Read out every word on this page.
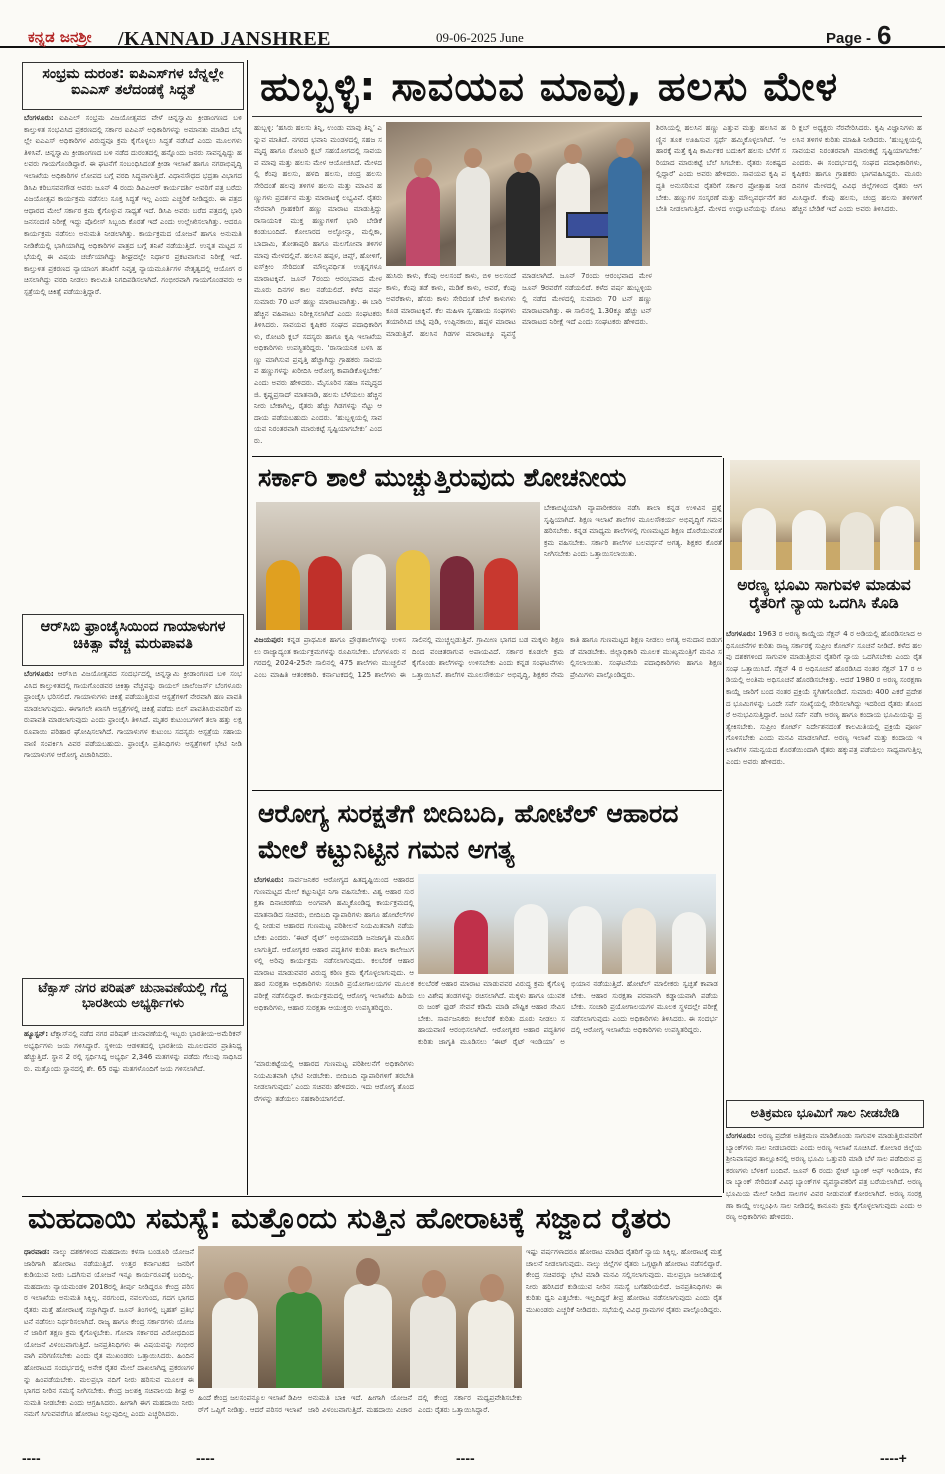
ಕನ್ನಡ ಜನಶ್ರೀ /KANNAD JANSHREE	09-06-2025 June	Page - 6

ಸಂಭ್ರಮ ದುರಂತ: ಐಪಿಎಸ್‌ಗಳ ಬೆನ್ನಲ್ಲೇ ಐಎಎಸ್ ತಲೆದಂಡಕ್ಕೆ ಸಿದ್ಧತೆ

ಬೆಂಗಳೂರು: ಐಪಿಎಲ್ ಸಂಭ್ರಮ ವಿಜಯೋತ್ಸವದ ವೇಳೆ ಚಿನ್ನಸ್ವಾಮಿ ಕ್ರೀಡಾಂಗಣದ ಬಳಿ ಕಾಲ್ತುಳಿತ ಸಂಭವಿಸಿದ ಪ್ರಕರಣದಲ್ಲಿ ಸರ್ಕಾರ ಐಪಿಎಸ್ ಅಧಿಕಾರಿಗಳನ್ನು ಅಮಾನತು ಮಾಡಿದ ಬೆನ್ನಲ್ಲೇ ಐಎಎಸ್ ಅಧಿಕಾರಿಗಳ ವಿರುದ್ಧವೂ ಕ್ರಮ ಕೈಗೊಳ್ಳಲು ಸಿದ್ಧತೆ ನಡೆಸಿದೆ ಎಂದು ಮೂಲಗಳು ತಿಳಿಸಿವೆ. ಚಿನ್ನಸ್ವಾಮಿ ಕ್ರೀಡಾಂಗಣದ ಬಳಿ ನಡೆದ ದುರಂತದಲ್ಲಿ ಹನ್ನೊಂದು ಜನರು ಸಾವನ್ನಪ್ಪಿದ್ದು ಹಲವರು ಗಾಯಗೊಂಡಿದ್ದಾರೆ. ಈ ಘಟನೆಗೆ ಸಂಬಂಧಿಸಿದಂತೆ ಕ್ರೀಡಾ ಇಲಾಖೆ ಹಾಗೂ ನಗರಾಭಿವೃದ್ಧಿ ಇಲಾಖೆಯ ಅಧಿಕಾರಿಗಳ ಲೋಪದ ಬಗ್ಗೆ ವರದಿ ಸಿದ್ಧವಾಗುತ್ತಿದೆ. ವಿಧಾನಸೌಧದ ಭದ್ರತಾ ವಿಭಾಗದ ಡಿಸಿಪಿ ಕರಿಬಸವನಗೌಡ ಅವರು ಜೂನ್ 4 ರಂದು ಡಿಪಿಎಆರ್ ಕಾರ್ಯದರ್ಶಿ ಅವರಿಗೆ ಪತ್ರ ಬರೆದು ವಿಜಯೋತ್ಸವ ಕಾರ್ಯಕ್ರಮ ನಡೆಸಲು ಸೂಕ್ತ ಸಿದ್ಧತೆ ಇಲ್ಲ ಎಂದು ಎಚ್ಚರಿಕೆ ನೀಡಿದ್ದರು. ಈ ಪತ್ರದ ಆಧಾರದ ಮೇಲೆ ಸರ್ಕಾರ ಕ್ರಮ ಕೈಗೊಳ್ಳುವ ಸಾಧ್ಯತೆ ಇದೆ. ಡಿಸಿಪಿ ಅವರು ಬರೆದ ಪತ್ರದಲ್ಲಿ ಭಾರಿ ಜನಸಂದಣಿ ನಿರೀಕ್ಷೆ ಇದ್ದು ಪೊಲೀಸ್ ಸಿಬ್ಬಂದಿ ಕೊರತೆ ಇದೆ ಎಂದು ಉಲ್ಲೇಖಿಸಲಾಗಿತ್ತು. ಆದರೂ ಕಾರ್ಯಕ್ರಮ ನಡೆಸಲು ಅನುಮತಿ ನೀಡಲಾಗಿತ್ತು. ಕಾರ್ಯಕ್ರಮದ ಯೋಜನೆ ಹಾಗೂ ಅನುಮತಿ ನೀಡಿಕೆಯಲ್ಲಿ ಭಾಗಿಯಾಗಿದ್ದ ಅಧಿಕಾರಿಗಳ ಪಾತ್ರದ ಬಗ್ಗೆ ತನಿಖೆ ನಡೆಯುತ್ತಿದೆ. ಉನ್ನತ ಮಟ್ಟದ ಸಭೆಯಲ್ಲಿ ಈ ವಿಷಯ ಚರ್ಚೆಯಾಗಿದ್ದು ಶೀಘ್ರದಲ್ಲೇ ನಿರ್ಧಾರ ಪ್ರಕಟವಾಗುವ ನಿರೀಕ್ಷೆ ಇದೆ. ಕಾಲ್ತುಳಿತ ಪ್ರಕರಣದ ನ್ಯಾಯಾಂಗ ತನಿಖೆಗೆ ನಿವೃತ್ತ ನ್ಯಾಯಮೂರ್ತಿಗಳ ನೇತೃತ್ವದಲ್ಲಿ ಆಯೋಗ ರಚಿಸಲಾಗಿದ್ದು ವರದಿ ನೀಡಲು ಕಾಲಮಿತಿ ನಿಗದಿಪಡಿಸಲಾಗಿದೆ. ಗಂಭೀರವಾಗಿ ಗಾಯಗೊಂಡವರು ಆಸ್ಪತ್ರೆಯಲ್ಲಿ ಚಿಕಿತ್ಸೆ ಪಡೆಯುತ್ತಿದ್ದಾರೆ.

ಆರ್‌ಸಿಬಿ ಫ್ರಾಂಚೈಸಿಯಿಂದ ಗಾಯಾಳುಗಳ ಚಿಕಿತ್ಸಾ ವೆಚ್ಚ ಮರುಪಾವತಿ

ಬೆಂಗಳೂರು: ಆರ್‌ಸಿಬಿ ವಿಜಯೋತ್ಸವದ ಸಂದರ್ಭದಲ್ಲಿ ಚಿನ್ನಸ್ವಾಮಿ ಕ್ರೀಡಾಂಗಣದ ಬಳಿ ಸಂಭವಿಸಿದ ಕಾಲ್ತುಳಿತದಲ್ಲಿ ಗಾಯಗೊಂಡವರ ಚಿಕಿತ್ಸಾ ವೆಚ್ಚವನ್ನು ರಾಯಲ್ ಚಾಲೆಂಜರ್ಸ್ ಬೆಂಗಳೂರು ಫ್ರಾಂಚೈಸಿ ಭರಿಸಲಿದೆ. ಗಾಯಾಳುಗಳು ಚಿಕಿತ್ಸೆ ಪಡೆಯುತ್ತಿರುವ ಆಸ್ಪತ್ರೆಗಳಿಗೆ ನೇರವಾಗಿ ಹಣ ಪಾವತಿ ಮಾಡಲಾಗುವುದು. ಈಗಾಗಲೇ ಖಾಸಗಿ ಆಸ್ಪತ್ರೆಗಳಲ್ಲಿ ಚಿಕಿತ್ಸೆ ಪಡೆದು ಬಿಲ್ ಪಾವತಿಸಿರುವವರಿಗೆ ಮರುಪಾವತಿ ಮಾಡಲಾಗುವುದು ಎಂದು ಫ್ರಾಂಚೈಸಿ ತಿಳಿಸಿದೆ. ಮೃತರ ಕುಟುಂಬಗಳಿಗೆ ತಲಾ ಹತ್ತು ಲಕ್ಷ ರೂಪಾಯಿ ಪರಿಹಾರ ಘೋಷಿಸಲಾಗಿದೆ. ಗಾಯಾಳುಗಳ ಕುಟುಂಬ ಸದಸ್ಯರು ಆಸ್ಪತ್ರೆಯ ಸಹಾಯವಾಣಿ ಸಂಪರ್ಕಿಸಿ ವಿವರ ಪಡೆಯಬಹುದು. ಫ್ರಾಂಚೈಸಿ ಪ್ರತಿನಿಧಿಗಳು ಆಸ್ಪತ್ರೆಗಳಿಗೆ ಭೇಟಿ ನೀಡಿ ಗಾಯಾಳುಗಳ ಆರೋಗ್ಯ ವಿಚಾರಿಸಿದರು.

ಟೆಕ್ಸಾಸ್ ನಗರ ಪರಿಷತ್ ಚುನಾವಣೆಯಲ್ಲಿ ಗೆದ್ದ ಭಾರತೀಯ ಅಭ್ಯರ್ಥಿಗಳು

ಹ್ಯೂಸ್ಟನ್: ಟೆಕ್ಸಾಸ್‌ನಲ್ಲಿ ನಡೆದ ನಗರ ಪರಿಷತ್ ಚುನಾವಣೆಯಲ್ಲಿ ಇಬ್ಬರು ಭಾರತೀಯ-ಅಮೆರಿಕನ್ ಅಭ್ಯರ್ಥಿಗಳು ಜಯ ಗಳಿಸಿದ್ದಾರೆ. ಸ್ಥಳೀಯ ಆಡಳಿತದಲ್ಲಿ ಭಾರತೀಯ ಮೂಲದವರ ಪ್ರಾತಿನಿಧ್ಯ ಹೆಚ್ಚುತ್ತಿದೆ. ಸ್ಥಾನ 2 ರಲ್ಲಿ ಸ್ಪರ್ಧಿಸಿದ್ದ ಅಭ್ಯರ್ಥಿ 2,346 ಮತಗಳನ್ನು ಪಡೆದು ಗೆಲುವು ಸಾಧಿಸಿದರು. ಮತ್ತೊಂದು ಸ್ಥಾನದಲ್ಲಿ ಶೇ. 65 ರಷ್ಟು ಮತಗಳೊಂದಿಗೆ ಜಯ ಗಳಿಸಲಾಗಿದೆ.

ಹುಬ್ಬಳ್ಳಿ: ಸಾವಯವ ಮಾವು, ಹಲಸು ಮೇಳ

ಹುಬ್ಬಳ್ಳಿ: ‘ಹಸಿರು ಹಲಸು ತಿನ್ನಿ, ಉಂಡು ಮಾವು ತಿನ್ನಿ’ ಎನ್ನುವ ಮಾತಿದೆ. ನಗರದ ಭವಾನಿ ಮಂಡಳದಲ್ಲಿ ಸಹಜ ಸಮೃದ್ಧ ಹಾಗೂ ರೋಟರಿ ಕ್ಲಬ್ ಸಹಯೋಗದಲ್ಲಿ ಸಾವಯವ ಮಾವು ಮತ್ತು ಹಲಸು ಮೇಳ ಆಯೋಜಿಸಿದೆ. ಮೇಳದಲ್ಲಿ ಕೆಂಪು ಹಲಸು, ಹಳದಿ ಹಲಸು, ಚಂದ್ರ ಹಲಸು ಸೇರಿದಂತೆ ಹಲವು ತಳಿಗಳ ಹಲಸು ಮತ್ತು ಮಾವಿನ ಹಣ್ಣುಗಳು ಪ್ರದರ್ಶನ ಮತ್ತು ಮಾರಾಟಕ್ಕೆ ಲಭ್ಯವಿವೆ. ರೈತರು ನೇರವಾಗಿ ಗ್ರಾಹಕರಿಗೆ ಹಣ್ಣು ಮಾರಾಟ ಮಾಡುತ್ತಿದ್ದು ರಾಸಾಯನಿಕ ಮುಕ್ತ ಹಣ್ಣುಗಳಿಗೆ ಭಾರಿ ಬೇಡಿಕೆ ಕಂಡುಬಂದಿದೆ. ಕೋಲಾರದ ಅಲ್ಫೋನ್ಸಾ, ಮಲ್ಲಿಕಾ, ಬಾದಾಮಿ, ತೋತಾಪುರಿ ಹಾಗೂ ಮಲಗೋವಾ ತಳಿಗಳ ಮಾವು ಮೇಳದಲ್ಲಿವೆ. ಹಲಸಿನ ಹಪ್ಪಳ, ಚಿಪ್ಸ್, ಹೋಳಿಗೆ, ಐಸ್‌ಕ್ರೀಂ ಸೇರಿದಂತೆ ಮೌಲ್ಯವರ್ಧಿತ ಉತ್ಪನ್ನಗಳೂ ಮಾರಾಟಕ್ಕಿವೆ. ಜೂನ್ 7ರಂದು ಆರಂಭವಾದ ಮೇಳ ಮೂರು ದಿನಗಳ ಕಾಲ ನಡೆಯಲಿದೆ. ಕಳೆದ ವರ್ಷ ಸುಮಾರು 70 ಟನ್ ಹಣ್ಣು ಮಾರಾಟವಾಗಿತ್ತು. ಈ ಬಾರಿ ಹೆಚ್ಚಿನ ವಹಿವಾಟು ನಿರೀಕ್ಷಿಸಲಾಗಿದೆ ಎಂದು ಸಂಘಟಕರು ತಿಳಿಸಿದರು. ಸಾವಯವ ಕೃಷಿಕರ ಸಂಘದ ಪದಾಧಿಕಾರಿಗಳು, ರೋಟರಿ ಕ್ಲಬ್ ಸದಸ್ಯರು ಹಾಗೂ ಕೃಷಿ ಇಲಾಖೆಯ ಅಧಿಕಾರಿಗಳು ಉಪಸ್ಥಿತರಿದ್ದರು. ‘ರಾಸಾಯನಿಕ ಬಳಸಿ ಹಣ್ಣು ಮಾಗಿಸುವ ಪ್ರವೃತ್ತಿ ಹೆಚ್ಚಾಗಿದ್ದು ಗ್ರಾಹಕರು ಸಾವಯವ ಹಣ್ಣುಗಳನ್ನು ಖರೀದಿಸಿ ಆರೋಗ್ಯ ಕಾಪಾಡಿಕೊಳ್ಳಬೇಕು’ ಎಂದು ಅವರು ಹೇಳಿದರು. ಮೈಸೂರಿನ ಸಹಜ ಸಮೃದ್ಧದ ಜಿ. ಕೃಷ್ಣಪ್ರಸಾದ್ ಮಾತನಾಡಿ, ಹಲಸು ಬೆಳೆಯಲು ಹೆಚ್ಚಿನ ನೀರು ಬೇಕಾಗಿಲ್ಲ, ರೈತರು ಹೆಚ್ಚು ಗಿಡಗಳನ್ನು ನೆಟ್ಟು ಆದಾಯ ಪಡೆಯಬಹುದು ಎಂದರು. ‘ಹುಬ್ಬಳ್ಳಿಯಲ್ಲಿ ಸಾವಯವ ನಿರಂತರವಾಗಿ ಮಾರುಕಟ್ಟೆ ಸೃಷ್ಟಿಯಾಗಬೇಕು’ ಎಂದರು.

ಶಿರಸಿಯಲ್ಲಿ ಹಲಸಿನ ಹಣ್ಣು ಎತ್ತುವ ಮತ್ತು ಹಲಸಿನ ಹಣ್ಣಿನ ತೂಕ ಊಹಿಸುವ ಸ್ಪರ್ಧೆ ಹಮ್ಮಿಕೊಳ್ಳಲಾಗಿದೆ. ‘ಆಹಾರಕ್ಕೆ ಮತ್ತೆ ಕೃಷಿ ಕಾರ್ಮಿಕರ ಬದುಕಿಗೆ ಹಲಸು ಬೆಳೆಗೆ ಸರಿಯಾದ ಮಾರುಕಟ್ಟೆ ಬೆಲೆ ಸಿಗಬೇಕು. ರೈತರು ಸಂಕಷ್ಟದಲ್ಲಿದ್ದಾರೆ’ ಎಂದು ಅವರು ಹೇಳಿದರು. ಸಾವಯವ ಕೃಷಿ ಪದ್ಧತಿ ಅನುಸರಿಸುವ ರೈತರಿಗೆ ಸರ್ಕಾರ ಪ್ರೋತ್ಸಾಹ ನೀಡಬೇಕು. ಹಣ್ಣುಗಳ ಸಂಸ್ಕರಣೆ ಮತ್ತು ಮೌಲ್ಯವರ್ಧನೆಗೆ ತರಬೇತಿ ನೀಡಲಾಗುತ್ತಿದೆ. ಮೇಳದ ಉದ್ಘಾಟನೆಯನ್ನು ರೋಟರಿ ಕ್ಲಬ್ ಅಧ್ಯಕ್ಷರು ನೆರವೇರಿಸಿದರು. ಕೃಷಿ ವಿಜ್ಞಾನಿಗಳು ಹಲಸಿನ ತಳಿಗಳ ಕುರಿತು ಮಾಹಿತಿ ನೀಡಿದರು. ‘ಹುಬ್ಬಳ್ಳಿಯಲ್ಲಿ ಸಾವಯವ ನಿರಂತರವಾಗಿ ಮಾರುಕಟ್ಟೆ ಸೃಷ್ಟಿಯಾಗಬೇಕು’ ಎಂದರು. ಈ ಸಂದರ್ಭದಲ್ಲಿ ಸಂಘದ ಪದಾಧಿಕಾರಿಗಳು, ಕೃಷಿಕರು ಹಾಗೂ ಗ್ರಾಹಕರು ಭಾಗವಹಿಸಿದ್ದರು. ಮೂರು ದಿನಗಳ ಮೇಳದಲ್ಲಿ ವಿವಿಧ ಜಿಲ್ಲೆಗಳಿಂದ ರೈತರು ಆಗಮಿಸಿದ್ದಾರೆ. ಕೆಂಪು ಹಲಸು, ಚಂದ್ರ ಹಲಸು ತಳಿಗಳಿಗೆ ಹೆಚ್ಚಿನ ಬೇಡಿಕೆ ಇದೆ ಎಂದು ಅವರು ತಿಳಿಸಿದರು.

ಹುಸಿರು ಕಾಳು, ಕೆಂಪು ಅಲಸಂದೆ ಕಾಳು, ಬಿಳಿ ಅಲಸಂದೆ ಕಾಳು, ಕೆಂಪು ತಡೆ ಕಾಳು, ಮಡಿಕೆ ಕಾಳು, ಅವರೆ, ಕೆಂಪು ಅವರೆಕಾಳು, ಹೆಸರು ಕಾಳು ಸೇರಿದಂತೆ ಬೇಳೆ ಕಾಳುಗಳು ಕೂಡ ಮಾರಾಟಕ್ಕಿವೆ. ಕೆಲ ಮಹಿಳಾ ಸ್ವಸಹಾಯ ಸಂಘಗಳು ತಯಾರಿಸಿದ ಚಟ್ನಿ ಪುಡಿ, ಉಪ್ಪಿನಕಾಯಿ, ಹಪ್ಪಳ ಮಾರಾಟ ಮಾಡುತ್ತಿವೆ. ಹಲಸಿನ ಗಿಡಗಳ ಮಾರಾಟಕ್ಕೂ ವ್ಯವಸ್ಥೆ ಮಾಡಲಾಗಿದೆ. ಜೂನ್ 7ರಂದು ಆರಂಭವಾದ ಮೇಳ ಜೂನ್ 9ರವರೆಗೆ ನಡೆಯಲಿದೆ. ಕಳೆದ ವರ್ಷ ಹುಬ್ಬಳ್ಳಿಯಲ್ಲಿ ನಡೆದ ಮೇಳದಲ್ಲಿ ಸುಮಾರು 70 ಟನ್ ಹಣ್ಣು ಮಾರಾಟವಾಗಿತ್ತು. ಈ ಸಾಲಿನಲ್ಲಿ 1.30ಕ್ಕೂ ಹೆಚ್ಚು ಟನ್ ಮಾರಾಟದ ನಿರೀಕ್ಷೆ ಇದೆ ಎಂದು ಸಂಘಟಕರು ಹೇಳಿದರು.

ಸರ್ಕಾರಿ ಶಾಲೆ ಮುಚ್ಚುತ್ತಿರುವುದು ಶೋಚನೀಯ

ಬೇಕಾಬಿಟ್ಟಿಯಾಗಿ ವ್ಯಾಪಾರೀಕರಣ ನಡೆಸಿ ಶಾಲಾ ಕನ್ನಡ ಉಳಿವಿನ ಪ್ರಶ್ನೆ ಸೃಷ್ಟಿಯಾಗಿದೆ. ಶಿಕ್ಷಣ ಇಲಾಖೆ ಶಾಲೆಗಳ ಮೂಲಸೌಕರ್ಯ ಅಭಿವೃದ್ಧಿಗೆ ಗಮನ ಹರಿಸಬೇಕು. ಕನ್ನಡ ಮಾಧ್ಯಮ ಶಾಲೆಗಳಲ್ಲಿ ಗುಣಮಟ್ಟದ ಶಿಕ್ಷಣ ದೊರೆಯುವಂತೆ ಕ್ರಮ ವಹಿಸಬೇಕು. ಸರ್ಕಾರಿ ಶಾಲೆಗಳ ಬಲವರ್ಧನೆ ಅಗತ್ಯ. ಶಿಕ್ಷಕರ ಕೊರತೆ ನೀಗಿಸಬೇಕು ಎಂದು ಒತ್ತಾಯಿಸಲಾಯಿತು.

ವಿಜಯಪುರ: ಕನ್ನಡ ಪ್ರಾಥಮಿಕ ಹಾಗೂ ಪ್ರೌಢಶಾಲೆಗಳನ್ನು ಉಳಿಸಲು ರಾಜ್ಯಾದ್ಯಂತ ಕಾರ್ಯಕ್ರಮಗಳನ್ನು ರೂಪಿಸಬೇಕು. ಬೆಂಗಳೂರು ನಗರದಲ್ಲಿ 2024-25ನೇ ಸಾಲಿನಲ್ಲಿ 475 ಶಾಲೆಗಳು ಮುಚ್ಚಲಿವೆ ಎಂಬ ಮಾಹಿತಿ ಆತಂಕಕಾರಿ. ಕರ್ನಾಟಕದಲ್ಲಿ 125 ಶಾಲೆಗಳು ಈ ಸಾಲಿನಲ್ಲಿ ಮುಚ್ಚಲ್ಪಡುತ್ತಿವೆ. ಗ್ರಾಮೀಣ ಭಾಗದ ಬಡ ಮಕ್ಕಳು ಶಿಕ್ಷಣದಿಂದ ವಂಚಿತರಾಗುವ ಅಪಾಯವಿದೆ. ಸರ್ಕಾರ ಕೂಡಲೇ ಕ್ರಮ ಕೈಗೊಂಡು ಶಾಲೆಗಳನ್ನು ಉಳಿಸಬೇಕು ಎಂದು ಕನ್ನಡ ಸಂಘಟನೆಗಳು ಒತ್ತಾಯಿಸಿವೆ. ಶಾಲೆಗಳ ಮೂಲಸೌಕರ್ಯ ಅಭಿವೃದ್ಧಿ, ಶಿಕ್ಷಕರ ನೇಮಕಾತಿ ಹಾಗೂ ಗುಣಮಟ್ಟದ ಶಿಕ್ಷಣ ನೀಡಲು ಅಗತ್ಯ ಅನುದಾನ ಬಿಡುಗಡೆ ಮಾಡಬೇಕು. ಜಿಲ್ಲಾಧಿಕಾರಿ ಮೂಲಕ ಮುಖ್ಯಮಂತ್ರಿಗೆ ಮನವಿ ಸಲ್ಲಿಸಲಾಯಿತು. ಸಂಘಟನೆಯ ಪದಾಧಿಕಾರಿಗಳು ಹಾಗೂ ಶಿಕ್ಷಣ ಪ್ರೇಮಿಗಳು ಪಾಲ್ಗೊಂಡಿದ್ದರು.

ಅರಣ್ಯ ಭೂಮಿ ಸಾಗುವಳಿ ಮಾಡುವ ರೈತರಿಗೆ ನ್ಯಾಯ ಒದಗಿಸಿ ಕೊಡಿ

ಬೆಂಗಳೂರು: 1963 ರ ಅರಣ್ಯ ಕಾಯ್ದೆಯ ಸೆಕ್ಷನ್ 4 ರ ಅಡಿಯಲ್ಲಿ ಹೊರಡಿಸಲಾದ ಅಧಿಸೂಚನೆಗಳ ಕುರಿತು ರಾಜ್ಯ ಸರ್ಕಾರಕ್ಕೆ ಸುಪ್ರೀಂ ಕೋರ್ಟ್ ಸೂಚನೆ ನೀಡಿದೆ. ಕಳೆದ ಹಲವು ದಶಕಗಳಿಂದ ಸಾಗುವಳಿ ಮಾಡುತ್ತಿರುವ ರೈತರಿಗೆ ನ್ಯಾಯ ಒದಗಿಸಬೇಕು ಎಂದು ರೈತ ಸಂಘ ಒತ್ತಾಯಿಸಿದೆ. ಸೆಕ್ಷನ್ 4 ರ ಅಧಿಸೂಚನೆ ಹೊರಡಿಸಿದ ನಂತರ ಸೆಕ್ಷನ್ 17 ರ ಅಡಿಯಲ್ಲಿ ಅಂತಿಮ ಅಧಿಸೂಚನೆ ಹೊರಡಿಸಬೇಕಿತ್ತು. ಆದರೆ 1980 ರ ಅರಣ್ಯ ಸಂರಕ್ಷಣಾ ಕಾಯ್ದೆ ಜಾರಿಗೆ ಬಂದ ನಂತರ ಪ್ರಕ್ರಿಯೆ ಸ್ಥಗಿತಗೊಂಡಿದೆ. ಸುಮಾರು 400 ಎಕರೆ ಪ್ರದೇಶದ ಭೂಮಿಗಳನ್ನು ಒಂದೇ ಸರ್ವೆ ಸಂಖ್ಯೆಯಲ್ಲಿ ಸೇರಿಸಲಾಗಿದ್ದು ಇದರಿಂದ ರೈತರು ತೊಂದರೆ ಅನುಭವಿಸುತ್ತಿದ್ದಾರೆ. ಜಂಟಿ ಸರ್ವೆ ನಡೆಸಿ ಅರಣ್ಯ ಹಾಗೂ ಕಂದಾಯ ಭೂಮಿಯನ್ನು ಪ್ರತ್ಯೇಕಿಸಬೇಕು. ಸುಪ್ರೀಂ ಕೋರ್ಟ್ ನಿರ್ದೇಶನದಂತೆ ಕಾಲಮಿತಿಯಲ್ಲಿ ಪ್ರಕ್ರಿಯೆ ಪೂರ್ಣಗೊಳಿಸಬೇಕು ಎಂದು ಮನವಿ ಮಾಡಲಾಗಿದೆ. ಅರಣ್ಯ ಇಲಾಖೆ ಮತ್ತು ಕಂದಾಯ ಇಲಾಖೆಗಳ ಸಮನ್ವಯದ ಕೊರತೆಯಿಂದಾಗಿ ರೈತರು ಹಕ್ಕುಪತ್ರ ಪಡೆಯಲು ಸಾಧ್ಯವಾಗುತ್ತಿಲ್ಲ ಎಂದು ಅವರು ಹೇಳಿದರು.

ಆರೋಗ್ಯ ಸುರಕ್ಷತೆಗೆ ಬೀದಿಬದಿ, ಹೋಟೆಲ್ ಆಹಾರದ ಮೇಲೆ ಕಟ್ಟುನಿಟ್ಟಿನ ಗಮನ ಅಗತ್ಯ

ಬೆಂಗಳೂರು: ಸಾರ್ವಜನಿಕರ ಆರೋಗ್ಯದ ಹಿತದೃಷ್ಟಿಯಿಂದ ಆಹಾರದ ಗುಣಮಟ್ಟದ ಮೇಲೆ ಕಟ್ಟುನಿಟ್ಟಿನ ನಿಗಾ ವಹಿಸಬೇಕು. ವಿಶ್ವ ಆಹಾರ ಸುರಕ್ಷತಾ ದಿನಾಚರಣೆಯ ಅಂಗವಾಗಿ ಹಮ್ಮಿಕೊಂಡಿದ್ದ ಕಾರ್ಯಕ್ರಮದಲ್ಲಿ ಮಾತನಾಡಿದ ಸಚಿವರು, ಬೀದಿಬದಿ ವ್ಯಾಪಾರಿಗಳು ಹಾಗೂ ಹೋಟೆಲ್‌ಗಳಲ್ಲಿ ನೀಡುವ ಆಹಾರದ ಗುಣಮಟ್ಟ ಪರಿಶೀಲನೆ ನಿಯಮಿತವಾಗಿ ನಡೆಯಬೇಕು ಎಂದರು. ‘ಈಟ್ ರೈಟ್’ ಅಭಿಯಾನದಡಿ ಜನಜಾಗೃತಿ ಮೂಡಿಸಲಾಗುತ್ತಿದೆ. ಆರೋಗ್ಯಕರ ಆಹಾರ ಪದ್ಧತಿಗಳ ಕುರಿತು ಶಾಲಾ ಕಾಲೇಜುಗಳಲ್ಲಿ ಅರಿವು ಕಾರ್ಯಕ್ರಮ ನಡೆಸಲಾಗುವುದು. ಕಲಬೆರಕೆ ಆಹಾರ ಮಾರಾಟ ಮಾಡುವವರ ವಿರುದ್ಧ ಕಠಿಣ ಕ್ರಮ ಕೈಗೊಳ್ಳಲಾಗುವುದು. ಆಹಾರ ಸುರಕ್ಷತಾ ಅಧಿಕಾರಿಗಳು ಸಂಚಾರಿ ಪ್ರಯೋಗಾಲಯಗಳ ಮೂಲಕ ಪರೀಕ್ಷೆ ನಡೆಸಲಿದ್ದಾರೆ. ಕಾರ್ಯಕ್ರಮದಲ್ಲಿ ಆರೋಗ್ಯ ಇಲಾಖೆಯ ಹಿರಿಯ ಅಧಿಕಾರಿಗಳು, ಆಹಾರ ಸುರಕ್ಷತಾ ಆಯುಕ್ತರು ಉಪಸ್ಥಿತರಿದ್ದರು.

ಕಲಬೆರಕೆ ಆಹಾರ ಮಾರಾಟ ಮಾಡುವವರ ವಿರುದ್ಧ ಕ್ರಮ ಕೈಗೊಳ್ಳಲು ವಿಶೇಷ ತಂಡಗಳನ್ನು ರಚಿಸಲಾಗಿದೆ. ಮಕ್ಕಳು ಹಾಗೂ ಯುವಕರು ಜಂಕ್ ಫುಡ್ ಸೇವನೆ ಕಡಿಮೆ ಮಾಡಿ ಪೌಷ್ಟಿಕ ಆಹಾರ ಸೇವಿಸಬೇಕು. ಸಾರ್ವಜನಿಕರು ಕಲಬೆರಕೆ ಕುರಿತು ದೂರು ನೀಡಲು ಸಹಾಯವಾಣಿ ಆರಂಭಿಸಲಾಗಿದೆ. ಆರೋಗ್ಯಕರ ಆಹಾರ ಪದ್ಧತಿಗಳ ಕುರಿತು ಜಾಗೃತಿ ಮೂಡಿಸಲು ‘ಈಟ್ ರೈಟ್ ಇಂಡಿಯಾ’ ಅಭಿಯಾನ ನಡೆಯುತ್ತಿದೆ. ಹೋಟೆಲ್ ಮಾಲೀಕರು ಸ್ವಚ್ಛತೆ ಕಾಪಾಡಬೇಕು. ಆಹಾರ ಸುರಕ್ಷತಾ ಪರವಾನಗಿ ಕಡ್ಡಾಯವಾಗಿ ಪಡೆಯಬೇಕು. ಸಂಚಾರಿ ಪ್ರಯೋಗಾಲಯಗಳ ಮೂಲಕ ಸ್ಥಳದಲ್ಲೇ ಪರೀಕ್ಷೆ ನಡೆಸಲಾಗುವುದು ಎಂದು ಅಧಿಕಾರಿಗಳು ತಿಳಿಸಿದರು. ಈ ಸಂದರ್ಭದಲ್ಲಿ ಆರೋಗ್ಯ ಇಲಾಖೆಯ ಅಧಿಕಾರಿಗಳು ಉಪಸ್ಥಿತರಿದ್ದರು.

‘ಮಾರುಕಟ್ಟೆಯಲ್ಲಿ ಆಹಾರದ ಗುಣಮಟ್ಟ ಪರಿಶೀಲನೆಗೆ ಅಧಿಕಾರಿಗಳು ನಿಯಮಿತವಾಗಿ ಭೇಟಿ ನೀಡಬೇಕು. ಬೀದಿಬದಿ ವ್ಯಾಪಾರಿಗಳಿಗೆ ತರಬೇತಿ ನೀಡಲಾಗುವುದು’ ಎಂದು ಸಚಿವರು ಹೇಳಿದರು. ಇದು ಆರೋಗ್ಯ ತೊಂದರೆಗಳನ್ನು ತಡೆಯಲು ಸಹಕಾರಿಯಾಗಲಿದೆ.

ಅತಿಕ್ರಮಣ ಭೂಮಿಗೆ ಸಾಲ ನೀಡಬೇಡಿ

ಬೆಂಗಳೂರು: ಅರಣ್ಯ ಪ್ರದೇಶ ಅತಿಕ್ರಮಣ ಮಾಡಿಕೊಂಡು ಸಾಗುವಳಿ ಮಾಡುತ್ತಿರುವವರಿಗೆ ಬ್ಯಾಂಕ್‌ಗಳು ಸಾಲ ನೀಡಬಾರದು ಎಂದು ಅರಣ್ಯ ಇಲಾಖೆ ಸೂಚಿಸಿದೆ. ಕೋಲಾರ ಜಿಲ್ಲೆಯ ಶ್ರೀನಿವಾಸಪುರ ತಾಲ್ಲೂಕಿನಲ್ಲಿ ಅರಣ್ಯ ಭೂಮಿ ಒತ್ತುವರಿ ಮಾಡಿ ಬೆಳೆ ಸಾಲ ಪಡೆದಿರುವ ಪ್ರಕರಣಗಳು ಬೆಳಕಿಗೆ ಬಂದಿವೆ. ಜೂನ್ 6 ರಂದು ಸ್ಟೇಟ್ ಬ್ಯಾಂಕ್ ಆಫ್ ಇಂಡಿಯಾ, ಕೆನರಾ ಬ್ಯಾಂಕ್ ಸೇರಿದಂತೆ ವಿವಿಧ ಬ್ಯಾಂಕ್‌ಗಳ ವ್ಯವಸ್ಥಾಪಕರಿಗೆ ಪತ್ರ ಬರೆಯಲಾಗಿದೆ. ಅರಣ್ಯ ಭೂಮಿಯ ಮೇಲೆ ನೀಡಿದ ಸಾಲಗಳ ವಿವರ ನೀಡುವಂತೆ ಕೋರಲಾಗಿದೆ. ಅರಣ್ಯ ಸಂರಕ್ಷಣಾ ಕಾಯ್ದೆ ಉಲ್ಲಂಘಿಸಿ ಸಾಲ ನೀಡಿದಲ್ಲಿ ಕಾನೂನು ಕ್ರಮ ಕೈಗೊಳ್ಳಲಾಗುವುದು ಎಂದು ಅರಣ್ಯ ಅಧಿಕಾರಿಗಳು ಹೇಳಿದರು.

ಮಹದಾಯಿ ಸಮಸ್ಯೆ: ಮತ್ತೊಂದು ಸುತ್ತಿನ ಹೋರಾಟಕ್ಕೆ ಸಜ್ಜಾದ ರೈತರು

ಧಾರವಾಡ: ನಾಲ್ಕು ದಶಕಗಳಿಂದ ಮಹದಾಯಿ ಕಳಸಾ ಬಂಡೂರಿ ಯೋಜನೆ ಜಾರಿಗಾಗಿ ಹೋರಾಟ ನಡೆಯುತ್ತಿದೆ. ಉತ್ತರ ಕರ್ನಾಟಕದ ಜನರಿಗೆ ಕುಡಿಯುವ ನೀರು ಒದಗಿಸುವ ಯೋಜನೆ ಇನ್ನೂ ಕಾರ್ಯರೂಪಕ್ಕೆ ಬಂದಿಲ್ಲ. ಮಹದಾಯಿ ನ್ಯಾಯಮಂಡಳಿ 2018ರಲ್ಲಿ ತೀರ್ಪು ನೀಡಿದ್ದರೂ ಕೇಂದ್ರ ಪರಿಸರ ಇಲಾಖೆಯ ಅನುಮತಿ ಸಿಕ್ಕಿಲ್ಲ. ನರಗುಂದ, ನವಲಗುಂದ, ಗದಗ ಭಾಗದ ರೈತರು ಮತ್ತೆ ಹೋರಾಟಕ್ಕೆ ಸಜ್ಜಾಗಿದ್ದಾರೆ. ಜೂನ್ ತಿಂಗಳಲ್ಲಿ ಬೃಹತ್ ಪ್ರತಿಭಟನೆ ನಡೆಸಲು ನಿರ್ಧರಿಸಲಾಗಿದೆ. ರಾಜ್ಯ ಹಾಗೂ ಕೇಂದ್ರ ಸರ್ಕಾರಗಳು ಯೋಜನೆ ಜಾರಿಗೆ ತಕ್ಷಣ ಕ್ರಮ ಕೈಗೊಳ್ಳಬೇಕು. ಗೋವಾ ಸರ್ಕಾರದ ವಿರೋಧದಿಂದ ಯೋಜನೆ ವಿಳಂಬವಾಗುತ್ತಿದೆ. ಜನಪ್ರತಿನಿಧಿಗಳು ಈ ವಿಷಯವನ್ನು ಗಂಭೀರವಾಗಿ ಪರಿಗಣಿಸಬೇಕು ಎಂದು ರೈತ ಮುಖಂಡರು ಒತ್ತಾಯಿಸಿದರು. ಹಿಂದಿನ ಹೋರಾಟದ ಸಂದರ್ಭದಲ್ಲಿ ಅನೇಕ ರೈತರ ಮೇಲೆ ದಾಖಲಾಗಿದ್ದ ಪ್ರಕರಣಗಳನ್ನು ಹಿಂಪಡೆಯಬೇಕು. ಮಲಪ್ರಭಾ ನದಿಗೆ ನೀರು ಹರಿಸುವ ಮೂಲಕ ಈ ಭಾಗದ ನೀರಿನ ಸಮಸ್ಯೆ ನೀಗಿಸಬೇಕು. ಕೇಂದ್ರ ಜಲಶಕ್ತಿ ಸಚಿವಾಲಯ ಶೀಘ್ರ ಅನುಮತಿ ನೀಡಬೇಕು ಎಂದು ಆಗ್ರಹಿಸಿದರು. ಹೀಗಾಗಿ ಈಗ ಮಹದಾಯಿ ನೀರು ನಮಗೆ ಸಿಗುವವರೆಗೂ ಹೋರಾಟ ನಿಲ್ಲುವುದಿಲ್ಲ ಎಂದು ಎಚ್ಚರಿಸಿದರು.

ಹಿಂದೆ ಕೇಂದ್ರ ಜಲಸಂಪನ್ಮೂಲ ಇಲಾಖೆ ಡಿಪಿಆರ್‌ಗೆ ಒಪ್ಪಿಗೆ ನೀಡಿತ್ತು. ಆದರೆ ಪರಿಸರ ಇಲಾಖೆ ಅನುಮತಿ ಬಾಕಿ ಇದೆ. ಹೀಗಾಗಿ ಯೋಜನೆ ಜಾರಿ ವಿಳಂಬವಾಗುತ್ತಿದೆ. ಮಹದಾಯಿ ವಿಚಾರದಲ್ಲಿ ಕೇಂದ್ರ ಸರ್ಕಾರ ಮಧ್ಯಪ್ರವೇಶಿಸಬೇಕು ಎಂದು ರೈತರು ಒತ್ತಾಯಿಸಿದ್ದಾರೆ.

ಇಷ್ಟು ವರ್ಷಗಳಾದರೂ ಹೋರಾಟ ಮಾಡಿದ ರೈತರಿಗೆ ನ್ಯಾಯ ಸಿಕ್ಕಿಲ್ಲ. ಹೋರಾಟಕ್ಕೆ ಮತ್ತೆ ಚಾಲನೆ ನೀಡಲಾಗುವುದು. ನಾಲ್ಕು ಜಿಲ್ಲೆಗಳ ರೈತರು ಒಗ್ಗಟ್ಟಾಗಿ ಹೋರಾಟ ನಡೆಸಲಿದ್ದಾರೆ. ಕೇಂದ್ರ ಸಚಿವರನ್ನು ಭೇಟಿ ಮಾಡಿ ಮನವಿ ಸಲ್ಲಿಸಲಾಗುವುದು. ಮಲಪ್ರಭಾ ಜಲಾಶಯಕ್ಕೆ ನೀರು ಹರಿಸಿದರೆ ಕುಡಿಯುವ ನೀರಿನ ಸಮಸ್ಯೆ ಬಗೆಹರಿಯಲಿದೆ. ಜನಪ್ರತಿನಿಧಿಗಳು ಈ ಕುರಿತು ಧ್ವನಿ ಎತ್ತಬೇಕು. ಇಲ್ಲದಿದ್ದರೆ ತೀವ್ರ ಹೋರಾಟ ನಡೆಸಲಾಗುವುದು ಎಂದು ರೈತ ಮುಖಂಡರು ಎಚ್ಚರಿಕೆ ನೀಡಿದರು. ಸಭೆಯಲ್ಲಿ ವಿವಿಧ ಗ್ರಾಮಗಳ ರೈತರು ಪಾಲ್ಗೊಂಡಿದ್ದರು.

----	----	----	----+
